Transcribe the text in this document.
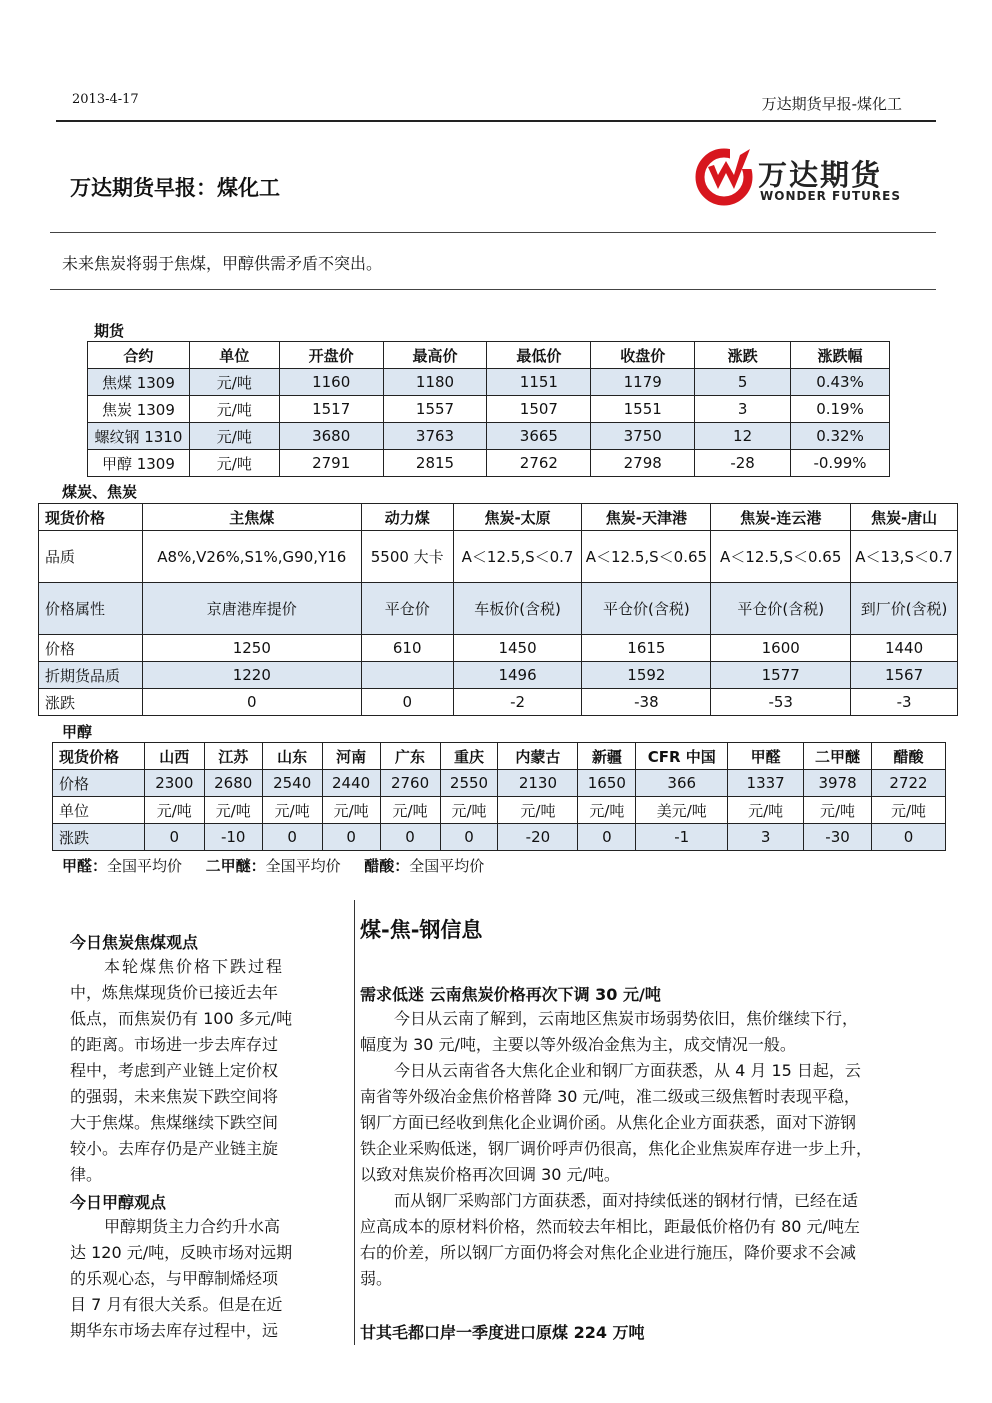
2013-4-17	万达期货早报-煤化工
万达期货早报：煤化工	万达期货
WONDER FUTURES
未来焦炭将弱于焦煤，甲醇供需矛盾不突出。
期货
合约	单位	开盘价	最高价	最低价	收盘价	涨跌	涨跌幅
焦煤 1309	元/吨	1160	1180	1151	1179	5	0.43%
焦炭 1309	元/吨	1517	1557	1507	1551	3	0.19%
螺纹钢 1310	元/吨	3680	3763	3665	3750	12	0.32%
甲醇 1309	元/吨	2791	2815	2762	2798	-28	-0.99%
煤炭、焦炭
现货价格	主焦煤	动力煤	焦炭-太原	焦炭-天津港	焦炭-连云港	焦炭-唐山
品质	A8%,V26%,S1%,G90,Y16	5500 大卡	A＜12.5,S＜0.7	A＜12.5,S＜0.65	A＜12.5,S＜0.65	A＜13,S＜0.7
价格属性	京唐港库提价	平仓价	车板价(含税)	平仓价(含税)	平仓价(含税)	到厂价(含税)
价格	1250	610	1450	1615	1600	1440
折期货品质	1220		1496	1592	1577	1567
涨跌	0	0	-2	-38	-53	-3
甲醇
现货价格	山西	江苏	山东	河南	广东	重庆	内蒙古	新疆	CFR 中国	甲醛	二甲醚	醋酸
价格	2300	2680	2540	2440	2760	2550	2130	1650	366	1337	3978	2722
单位	元/吨	元/吨	元/吨	元/吨	元/吨	元/吨	元/吨	元/吨	美元/吨	元/吨	元/吨	元/吨
涨跌	0	-10	0	0	0	0	-20	0	-1	3	-30	0
甲醛：全国平均价 二甲醚：全国平均价 醋酸：全国平均价
今日焦炭焦煤观点
本轮煤焦价格下跌过程
中，炼焦煤现货价已接近去年
低点，而焦炭仍有 100 多元/吨
的距离。市场进一步去库存过
程中，考虑到产业链上定价权
的强弱，未来焦炭下跌空间将
大于焦煤。焦煤继续下跌空间
较小。去库存仍是产业链主旋
律。
今日甲醇观点
甲醇期货主力合约升水高
达 120 元/吨，反映市场对远期
的乐观心态，与甲醇制烯烃项
目 7 月有很大关系。但是在近
期华东市场去库存过程中，远
煤-焦-钢信息
需求低迷 云南焦炭价格再次下调 30 元/吨
今日从云南了解到，云南地区焦炭市场弱势依旧，焦价继续下行，
幅度为 30 元/吨，主要以等外级冶金焦为主，成交情况一般。
今日从云南省各大焦化企业和钢厂方面获悉，从 4 月 15 日起，云
南省等外级冶金焦价格普降 30 元/吨，准二级或三级焦暂时表现平稳，
钢厂方面已经收到焦化企业调价函。从焦化企业方面获悉，面对下游钢
铁企业采购低迷，钢厂调价呼声仍很高，焦化企业焦炭库存进一步上升，
以致对焦炭价格再次回调 30 元/吨。
而从钢厂采购部门方面获悉，面对持续低迷的钢材行情，已经在适
应高成本的原材料价格，然而较去年相比，距最低价格仍有 80 元/吨左
右的价差，所以钢厂方面仍将会对焦化企业进行施压，降价要求不会减
弱。
甘其毛都口岸一季度进口原煤 224 万吨
